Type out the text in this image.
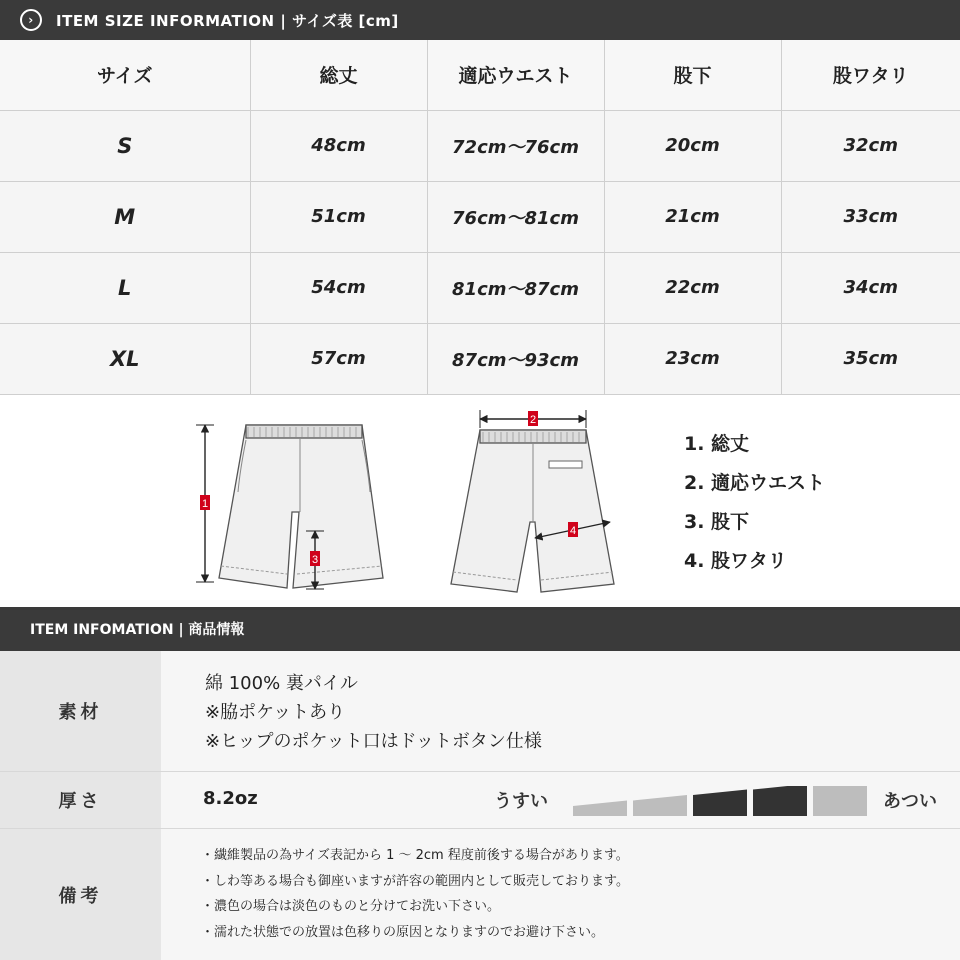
›	ITEM SIZE INFORMATION | サイズ表 [cm]
サイズ	総丈	適応ウエスト	股下	股ワタリ
S	48cm	72cm〜76cm	20cm	32cm
M	51cm	76cm〜81cm	21cm	33cm
L	54cm	81cm〜87cm	22cm	34cm
XL	57cm	87cm〜93cm	23cm	35cm
1
3
2
4
1. 総丈
2. 適応ウエスト
3. 股下
4. 股ワタリ
ITEM INFOMATION | 商品情報
素材
綿 100% 裏パイル
※脇ポケットあり
※ヒップのポケット口はドットボタン仕様
厚さ	8.2oz	うすい	あつい
備考
・繊維製品の為サイズ表記から 1 〜 2cm 程度前後する場合があります。
・しわ等ある場合も御座いますが許容の範囲内として販売しております。
・濃色の場合は淡色のものと分けてお洗い下さい。
・濡れた状態での放置は色移りの原因となりますのでお避け下さい。
